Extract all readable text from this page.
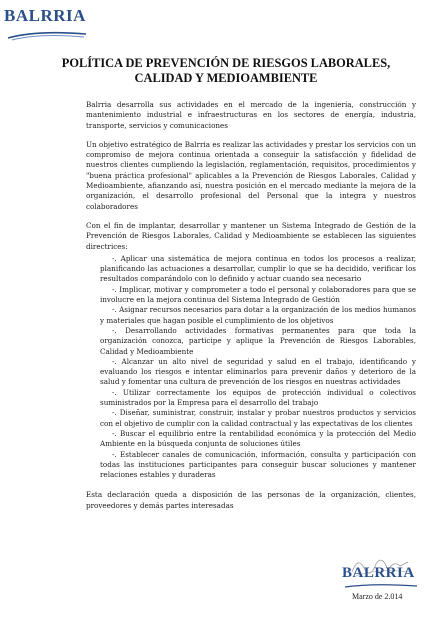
BALRRIA
POLÍTICA DE PREVENCIÓN DE RIESGOS LABORALES,
CALIDAD Y MEDIOAMBIENTE

Balrria desarrolla sus actividades en el mercado de la ingeniería, construcción y mantenimiento industrial e infraestructuras en los sectores de energía, industria, transporte, servicios y comunicaciones

Un objetivo estratégico de Balrria es realizar las actividades y prestar los servicios con un compromiso de mejora continua orientada a conseguir la satisfacción y fidelidad de nuestros clientes cumpliendo la legislación, reglamentación, requisitos, procedimientos y "buena práctica profesional" aplicables a la Prevención de Riesgos Laborales, Calidad y Medioambiente, afianzando así, nuestra posición en el mercado mediante la mejora de la organización, el desarrollo profesional del Personal que la integra y nuestros colaboradores

Con el fin de implantar, desarrollar y mantener un Sistema Integrado de Gestión de la Prevención de Riesgos Laborales, Calidad y Medioambiente se establecen las siguientes directrices:

-. Aplicar una sistemática de mejora continua en todos los procesos a realizar, planificando las actuaciones a desarrollar, cumplir lo que se ha decidido, verificar los resultados comparándolo con lo definido y actuar cuando sea necesario
-. Implicar, motivar y comprometer a todo el personal y colaboradores para que se involucre en la mejora continua del Sistema Integrado de Gestión
-. Asignar recursos necesarios para dotar a la organización de los medios humanos y materiales que hagan posible el cumplimiento de los objetivos
-. Desarrollando actividades formativas permanentes para que toda la organización conozca, participe y aplique la Prevención de Riesgos Laborables, Calidad y Medioambiente
-. Alcanzar un alto nivel de seguridad y salud en el trabajo, identificando y evaluando los riesgos e intentar eliminarlos para prevenir daños y deterioro de la salud y fomentar una cultura de prevención de los riesgos en nuestras actividades
-. Utilizar correctamente los equipos de protección individual o colectivos suministrados por la Empresa para el desarrollo del trabajo
-. Diseñar, suministrar, construir, instalar y probar nuestros productos y servicios con el objetivo de cumplir con la calidad contractual y las expectativas de los clientes
-. Buscar el equilibrio entre la rentabilidad económica y la protección del Medio Ambiente en la búsqueda conjunta de soluciones útiles
-. Establecer canales de comunicación, información, consulta y participación con todas las instituciones participantes para conseguir buscar soluciones y mantener relaciones estables y duraderas

Esta declaración queda a disposición de las personas de la organización, clientes, proveedores y demás partes interesadas

BALRRIA
Marzo de 2.014
